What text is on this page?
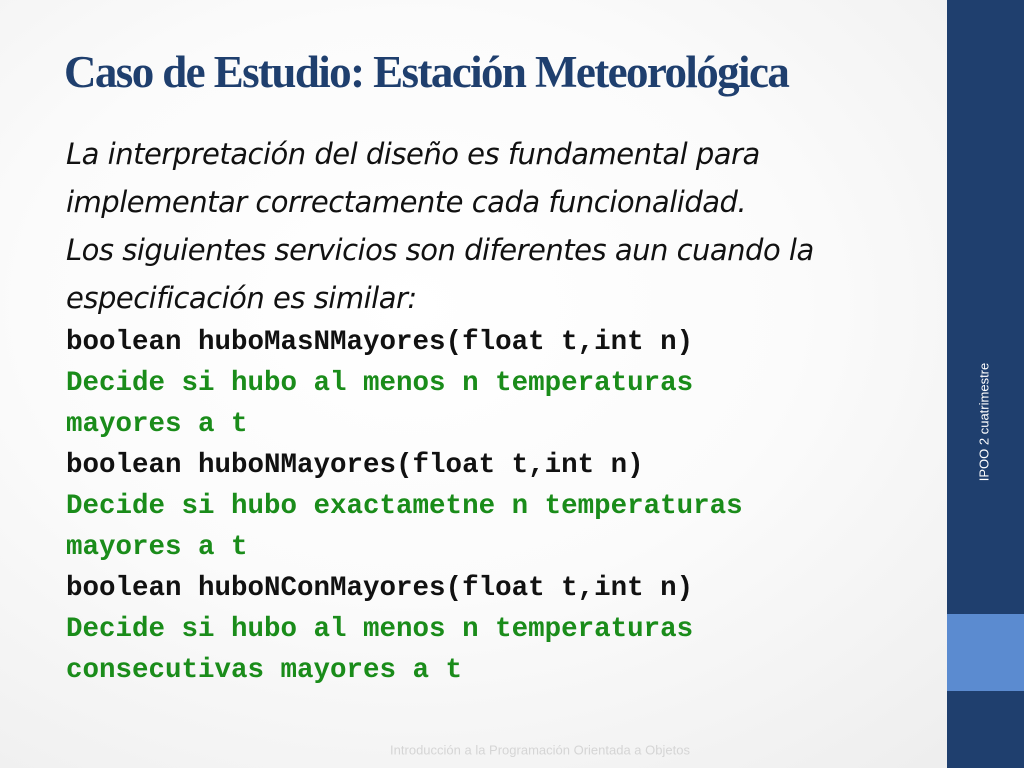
IPOO 2 cuatrimestre
Caso de Estudio: Estación Meteorológica

La interpretación del diseño es fundamental para

implementar correctamente cada funcionalidad.

Los siguientes servicios son diferentes aun cuando la

especificación es similar:

boolean huboMasNMayores(float t,int n)

Decide si hubo al menos n temperaturas

mayores a t

boolean huboNMayores(float t,int n)

Decide si hubo exactametne n temperaturas

mayores a t

boolean huboNConMayores(float t,int n)

Decide si hubo al menos n temperaturas

consecutivas mayores a t

Introducción a la Programación Orientada a Objetos
